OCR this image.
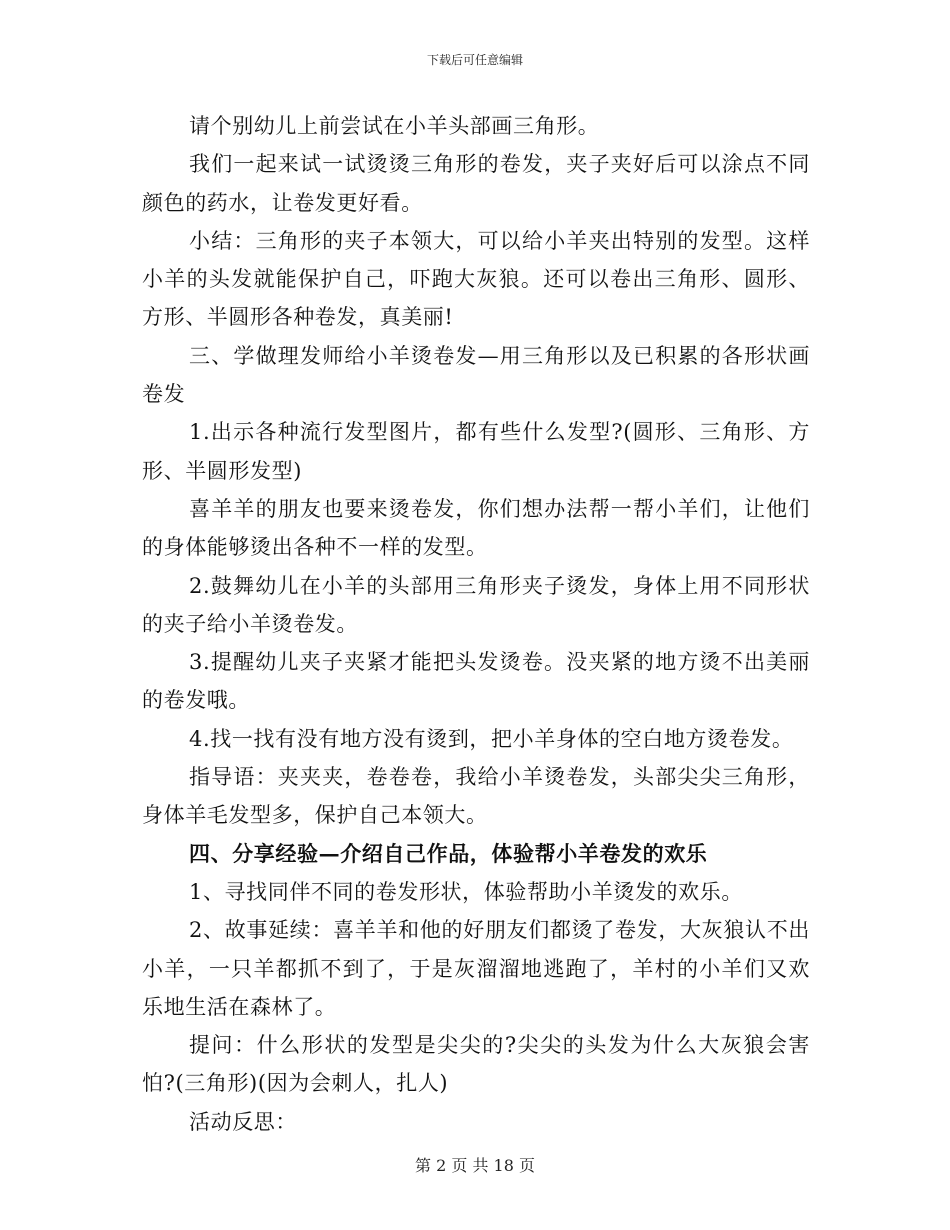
下载后可任意编辑

请个别幼儿上前尝试在小羊头部画三角形。

我们一起来试一试烫烫三角形的卷发，夹子夹好后可以涂点不同颜色的药水，让卷发更好看。

小结：三角形的夹子本领大，可以给小羊夹出特别的发型。这样小羊的头发就能保护自己，吓跑大灰狼。还可以卷出三角形、圆形、方形、半圆形各种卷发，真美丽!

三、学做理发师给小羊烫卷发—用三角形以及已积累的各形状画卷发

1.出示各种流行发型图片，都有些什么发型?(圆形、三角形、方形、半圆形发型)

喜羊羊的朋友也要来烫卷发，你们想办法帮一帮小羊们，让他们的身体能够烫出各种不一样的发型。

2.鼓舞幼儿在小羊的头部用三角形夹子烫发，身体上用不同形状的夹子给小羊烫卷发。

3.提醒幼儿夹子夹紧才能把头发烫卷。没夹紧的地方烫不出美丽的卷发哦。

4.找一找有没有地方没有烫到，把小羊身体的空白地方烫卷发。

指导语：夹夹夹，卷卷卷，我给小羊烫卷发，头部尖尖三角形，身体羊毛发型多，保护自己本领大。

四、分享经验—介绍自己作品，体验帮小羊卷发的欢乐

1、寻找同伴不同的卷发形状，体验帮助小羊烫发的欢乐。

2、故事延续：喜羊羊和他的好朋友们都烫了卷发，大灰狼认不出小羊，一只羊都抓不到了，于是灰溜溜地逃跑了，羊村的小羊们又欢乐地生活在森林了。

提问：什么形状的发型是尖尖的?尖尖的头发为什么大灰狼会害怕?(三角形)(因为会刺人，扎人)

活动反思：

第 2 页 共 18 页
